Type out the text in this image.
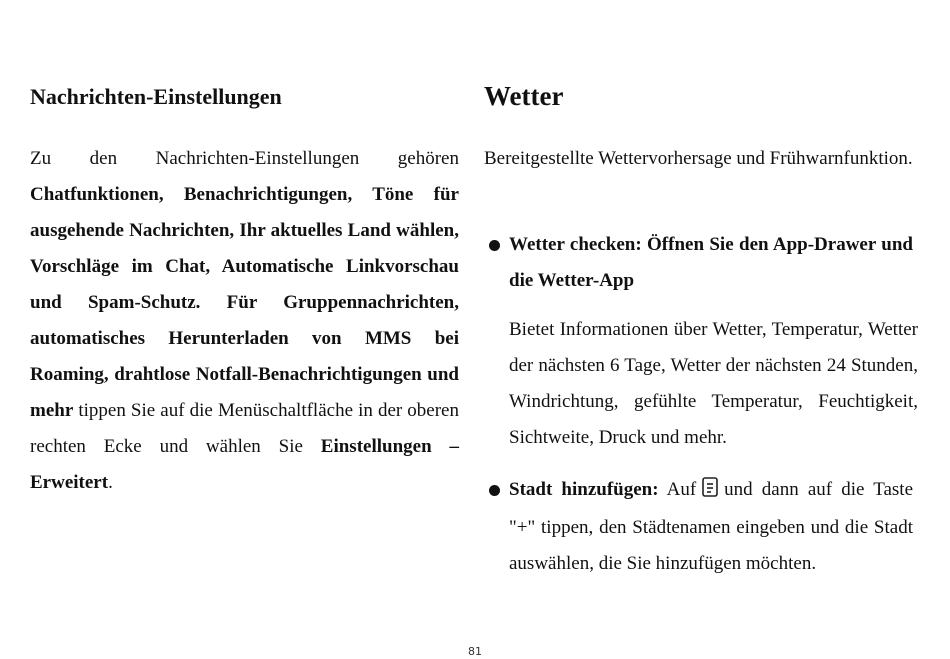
Nachrichten-Einstellungen

Zu den Nachrichten-Einstellungen gehören Chatfunktionen, Benachrichtigungen, Töne für ausgehende Nachrichten, Ihr aktuelles Land wählen, Vorschläge im Chat, Automatische Linkvorschau und Spam-Schutz. Für Gruppennachrichten, automatisches Herunterladen von MMS bei Roaming, drahtlose Notfall-Benachrichtigungen und mehr tippen Sie auf die Menüschaltfläche in der oberen rechten Ecke und wählen Sie Einstellungen – Erweitert.

Wetter

Bereitgestellte Wettervorhersage und Frühwarnfunktion.

Wetter checken: Öffnen Sie den App-Drawer und die Wetter-App

Bietet Informationen über Wetter, Temperatur, Wetter der nächsten 6 Tage, Wetter der nächsten 24 Stunden, Windrichtung, gefühlte Temperatur, Feuchtigkeit, Sichtweite, Druck und mehr.

Stadt hinzufügen: Auf und dann auf die Taste "+" tippen, den Städtenamen eingeben und die Stadt auswählen, die Sie hinzufügen möchten.

81
